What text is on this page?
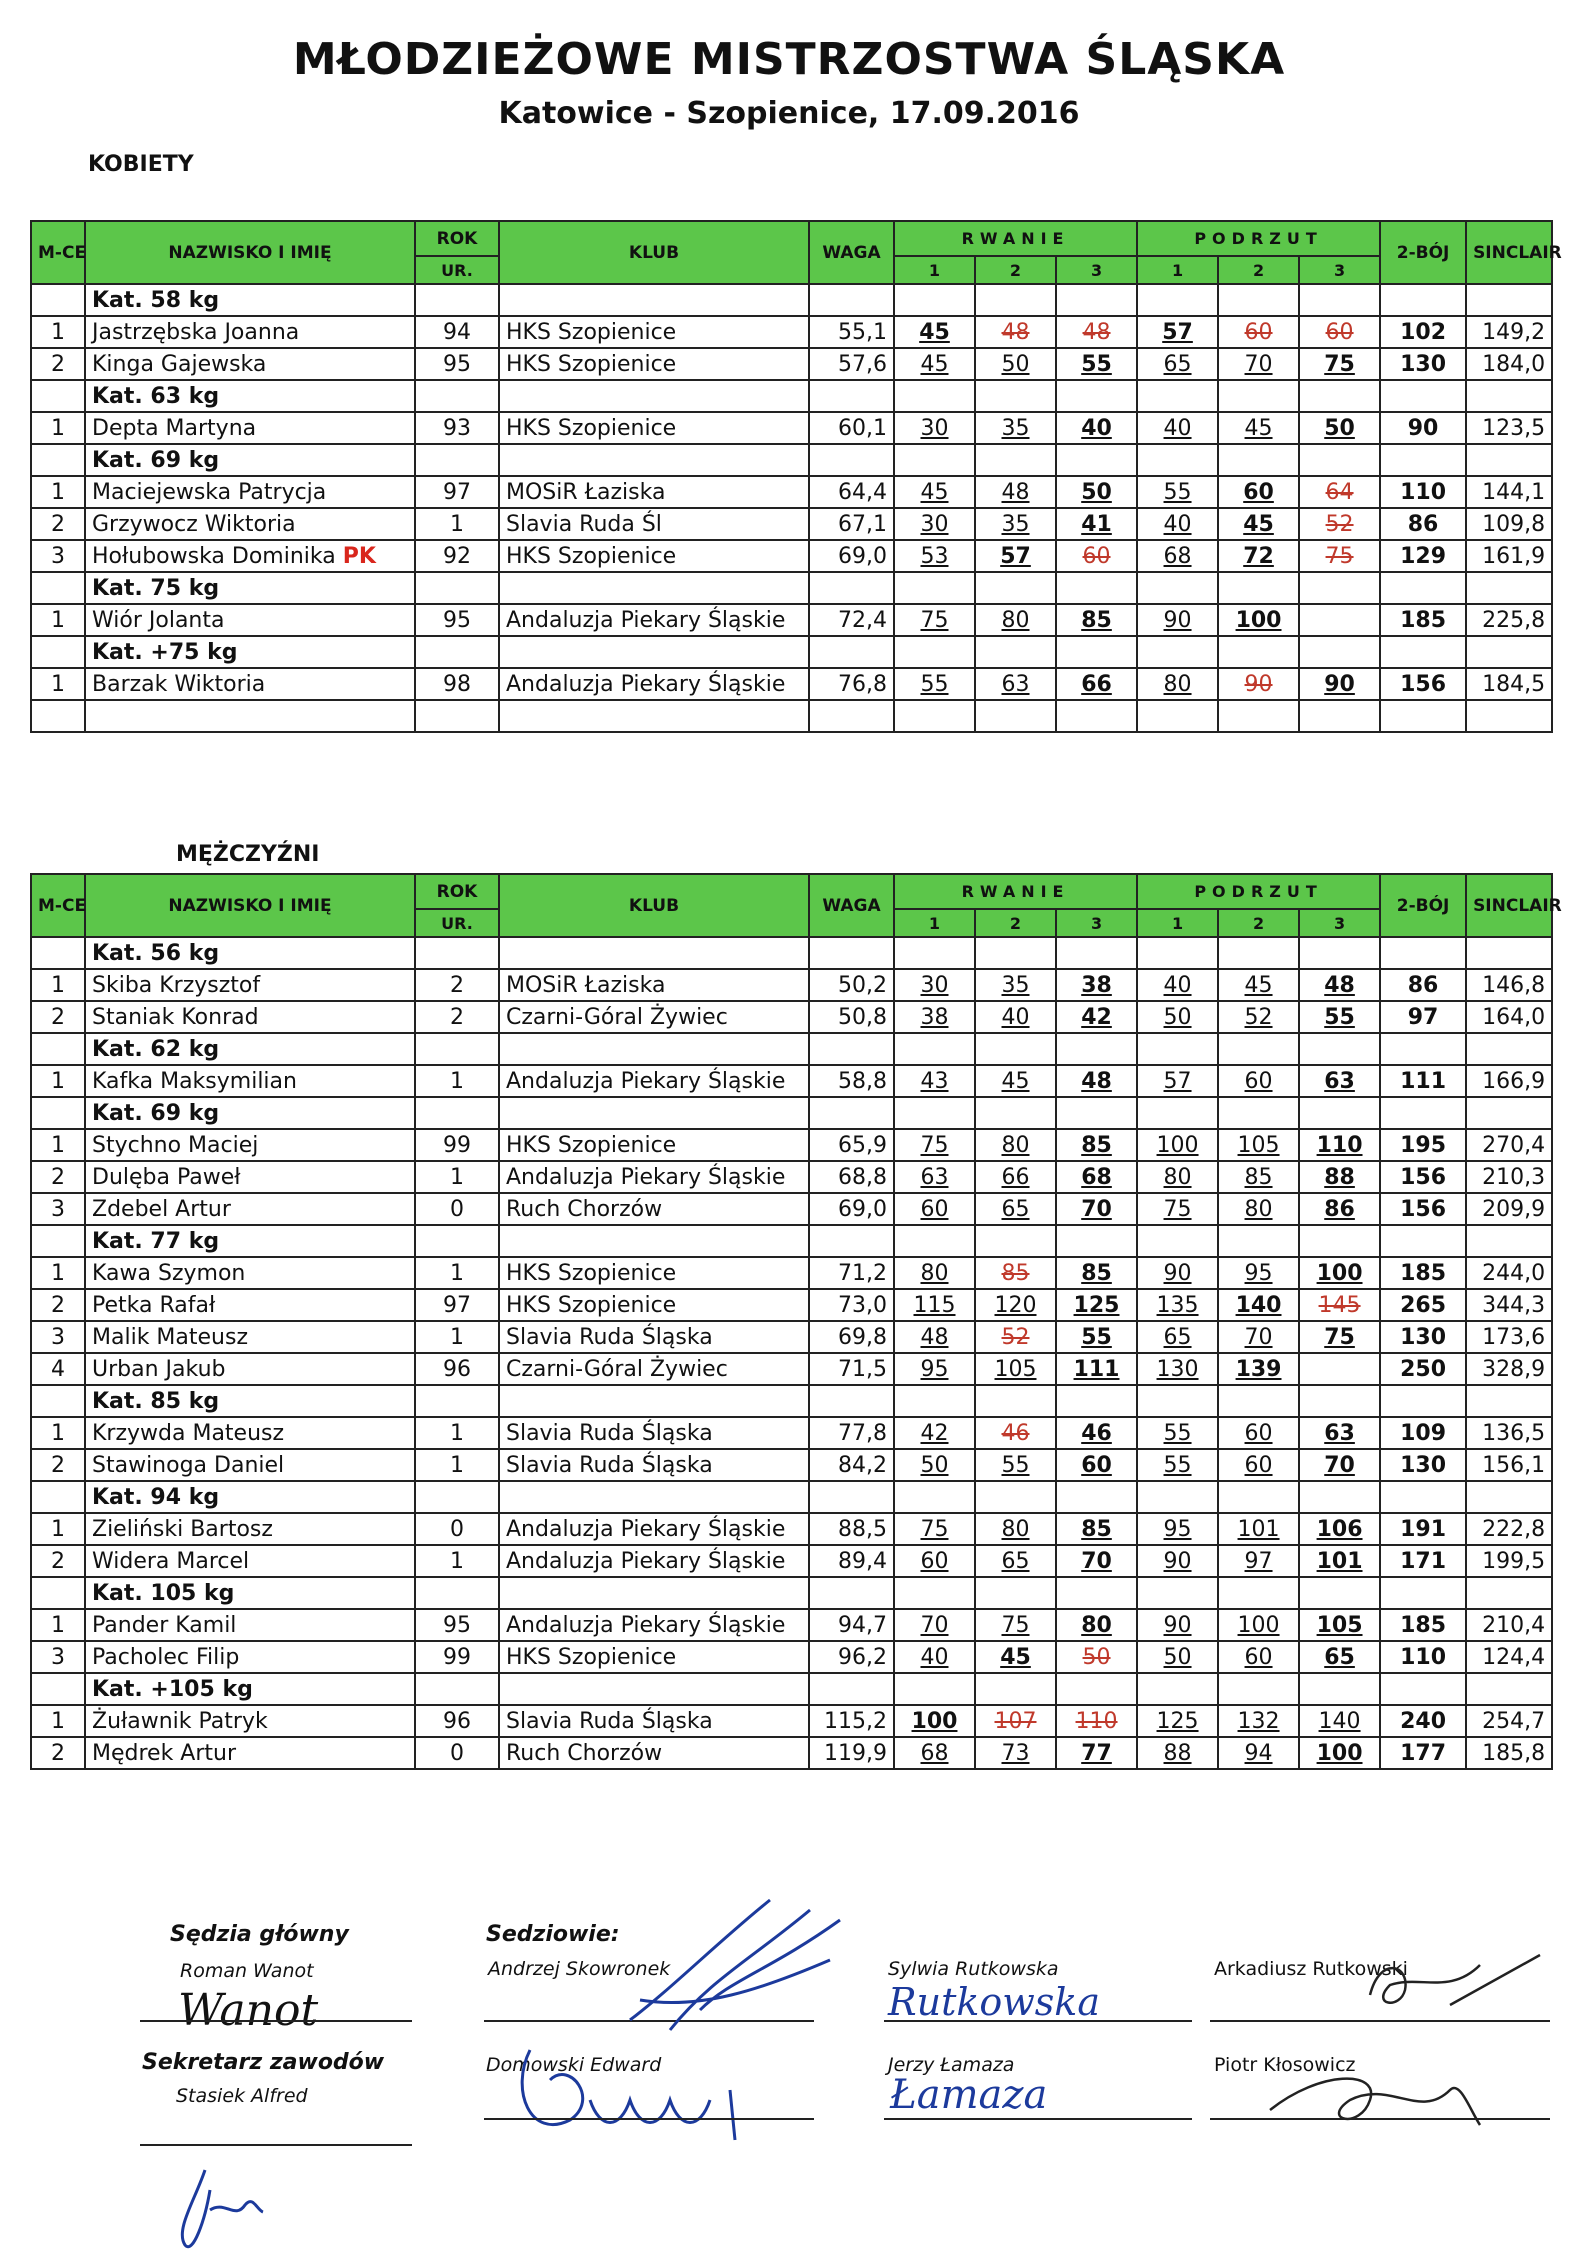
MŁODZIEŻOWE MISTRZOSTWA ŚLĄSKA
Katowice - Szopienice, 17.09.2016
KOBIETY
M-CE	NAZWISKO I IMIĘ	ROK	KLUB	WAGA	RWANIE			PODRZUT			2-BÓJ	SINCLAIR
		UR.			1	2	3	1	2	3		
	Kat. 58 kg											
1	Jastrzębska Joanna	94	HKS Szopienice	55,1	45	48	48	57	60	60	102	149,2
2	Kinga Gajewska	95	HKS Szopienice	57,6	45	50	55	65	70	75	130	184,0
	Kat. 63 kg											
1	Depta Martyna	93	HKS Szopienice	60,1	30	35	40	40	45	50	90	123,5
	Kat. 69 kg											
1	Maciejewska Patrycja	97	MOSiR Łaziska	64,4	45	48	50	55	60	64	110	144,1
2	Grzywocz Wiktoria	1	Slavia Ruda Śl	67,1	30	35	41	40	45	52	86	109,8
3	Hołubowska Dominika PK	92	HKS Szopienice	69,0	53	57	60	68	72	75	129	161,9
	Kat. 75 kg											
1	Wiór Jolanta	95	Andaluzja Piekary Śląskie	72,4	75	80	85	90	100		185	225,8
	Kat. +75 kg											
1	Barzak Wiktoria	98	Andaluzja Piekary Śląskie	76,8	55	63	66	80	90	90	156	184,5

MĘŻCZYŹNI
M-CE	NAZWISKO I IMIĘ	ROK	KLUB	WAGA	RWANIE			PODRZUT			2-BÓJ	SINCLAIR
		UR.			1	2	3	1	2	3		
	Kat. 56 kg											
1	Skiba Krzysztof	2	MOSiR Łaziska	50,2	30	35	38	40	45	48	86	146,8
2	Staniak Konrad	2	Czarni-Góral Żywiec	50,8	38	40	42	50	52	55	97	164,0
	Kat. 62 kg											
1	Kafka Maksymilian	1	Andaluzja Piekary Śląskie	58,8	43	45	48	57	60	63	111	166,9
	Kat. 69 kg											
1	Stychno Maciej	99	HKS Szopienice	65,9	75	80	85	100	105	110	195	270,4
2	Dulęba Paweł	1	Andaluzja Piekary Śląskie	68,8	63	66	68	80	85	88	156	210,3
3	Zdebel Artur	0	Ruch Chorzów	69,0	60	65	70	75	80	86	156	209,9
	Kat. 77 kg											
1	Kawa Szymon	1	HKS Szopienice	71,2	80	85	85	90	95	100	185	244,0
2	Petka Rafał	97	HKS Szopienice	73,0	115	120	125	135	140	145	265	344,3
3	Malik Mateusz	1	Slavia Ruda Śląska	69,8	48	52	55	65	70	75	130	173,6
4	Urban Jakub	96	Czarni-Góral Żywiec	71,5	95	105	111	130	139		250	328,9
	Kat. 85 kg											
1	Krzywda Mateusz	1	Slavia Ruda Śląska	77,8	42	46	46	55	60	63	109	136,5
2	Stawinoga Daniel	1	Slavia Ruda Śląska	84,2	50	55	60	55	60	70	130	156,1
	Kat. 94 kg											
1	Zieliński Bartosz	0	Andaluzja Piekary Śląskie	88,5	75	80	85	95	101	106	191	222,8
2	Widera Marcel	1	Andaluzja Piekary Śląskie	89,4	60	65	70	90	97	101	171	199,5
	Kat. 105 kg											
1	Pander Kamil	95	Andaluzja Piekary Śląskie	94,7	70	75	80	90	100	105	185	210,4
3	Pacholec Filip	99	HKS Szopienice	96,2	40	45	50	50	60	65	110	124,4
	Kat. +105 kg											
1	Żuławnik Patryk	96	Slavia Ruda Śląska	115,2	100	107	110	125	132	140	240	254,7
2	Mędrek Artur	0	Ruch Chorzów	119,9	68	73	77	88	94	100	177	185,8
Sędzia główny
Roman Wanot
Wanot
Sekretarz zawodów
Stasiek Alfred
Sedziowie:
Andrzej Skowronek	Sylwia Rutkowska
Rutkowska
Arkadiusz Rutkowski
Domowski Edward	Jerzy Łamaza
Łamaza
Piotr Kłosowicz
